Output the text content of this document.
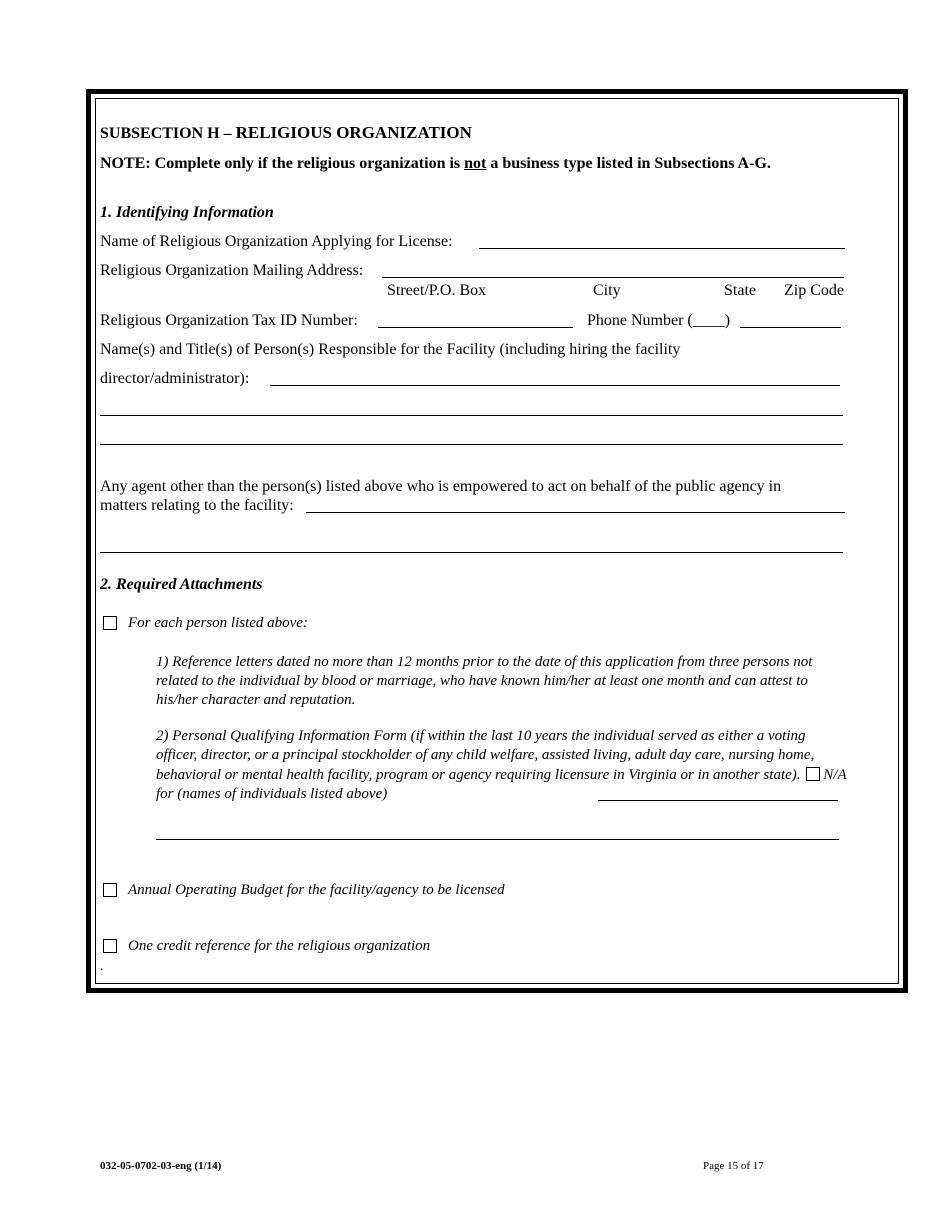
SUBSECTION H – RELIGIOUS ORGANIZATION
NOTE: Complete only if the religious organization is not a business type listed in Subsections A-G.
1. Identifying Information
Name of Religious Organization Applying for License:
Religious Organization Mailing Address:
Street/P.O. Box	City	State Zip Code
Religious Organization Tax ID Number:	Phone Number (____)
Name(s) and Title(s) of Person(s) Responsible for the Facility (including hiring the facility
director/administrator):
Any agent other than the person(s) listed above who is empowered to act on behalf of the public agency in
matters relating to the facility:
2. Required Attachments
For each person listed above:
1) Reference letters dated no more than 12 months prior to the date of this application from three persons not related to the individual by blood or marriage, who have known him/her at least one month and can attest to his/her character and reputation.
2) Personal Qualifying Information Form (if within the last 10 years the individual served as either a voting officer, director, or a principal stockholder of any child welfare, assisted living, adult day care, nursing home, behavioral or mental health facility, program or agency requiring licensure in Virginia or in another state). N/A for (names of individuals listed above)
Annual Operating Budget for the facility/agency to be licensed
One credit reference for the religious organization
.
032-05-0702-03-eng (1/14)	Page 15 of 17
